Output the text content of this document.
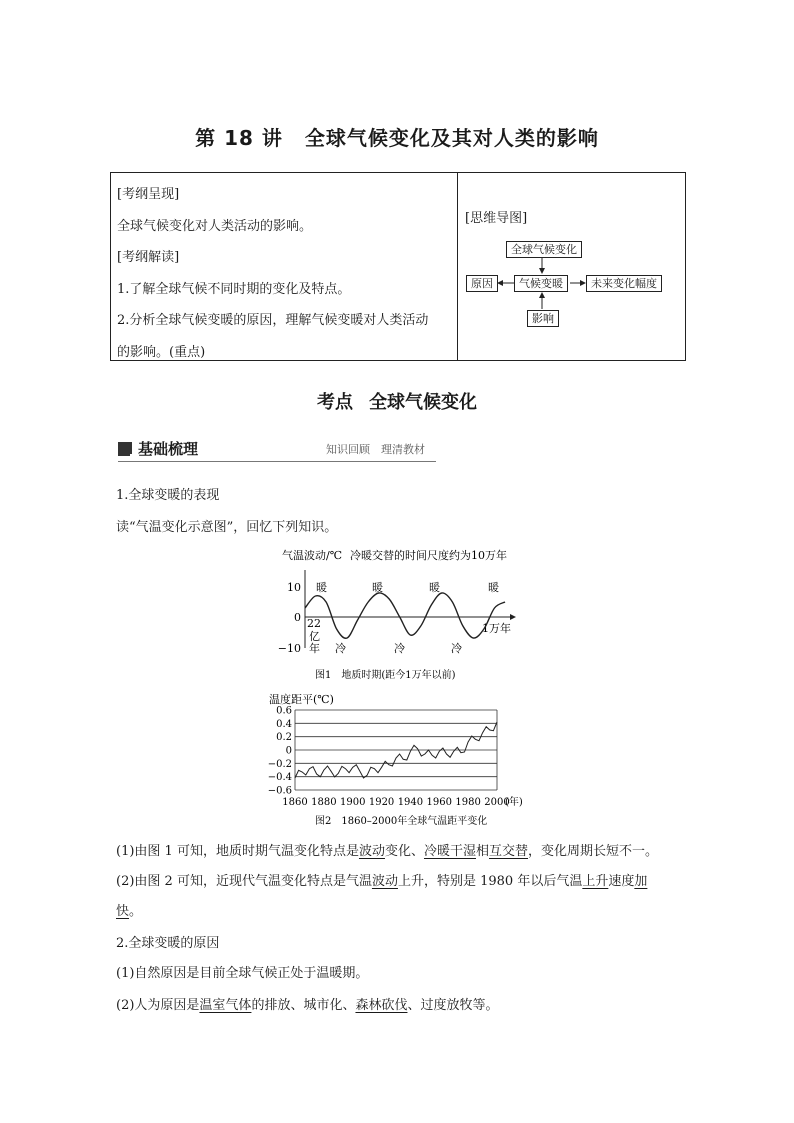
第 18 讲 全球气候变化及其对人类的影响
[考纲呈现]
全球气候变化对人类活动的影响。
[考纲解读]
1.了解全球气候不同时期的变化及特点。
2.分析全球气候变暖的原因，理解气候变暖对人类活动
的影响。(重点)
[思维导图]
全球气候变化
气候变暖
原因	未来变化幅度
影响
考点 全球气候变化
基础梳理	知识回顾　理清教材
1.全球变暖的表现
读“气温变化示意图”，回忆下列知识。
气温波动/℃ 冷暖交替的时间尺度约为10万年
10
0
−10
1万年
22
亿
年
暖	暖	暖	暖
冷	冷	冷
图1　地质时期(距今1万年以前)
温度距平(℃)
0.6
0.4
0.2
0
−0.2
−0.4
−0.6
1860 1880 1900 1920 1940 1960 1980 2000
(年)
图2　1860–2000年全球气温距平变化
(1)由图 1 可知，地质时期气温变化特点是波动变化、冷暖干湿相互交替，变化周期长短不一。
(2)由图 2 可知，近现代气温变化特点是气温波动上升，特别是 1980 年以后气温上升速度加
快。
2.全球变暖的原因
(1)自然原因是目前全球气候正处于温暖期。
(2)人为原因是温室气体的排放、城市化、森林砍伐、过度放牧等。
